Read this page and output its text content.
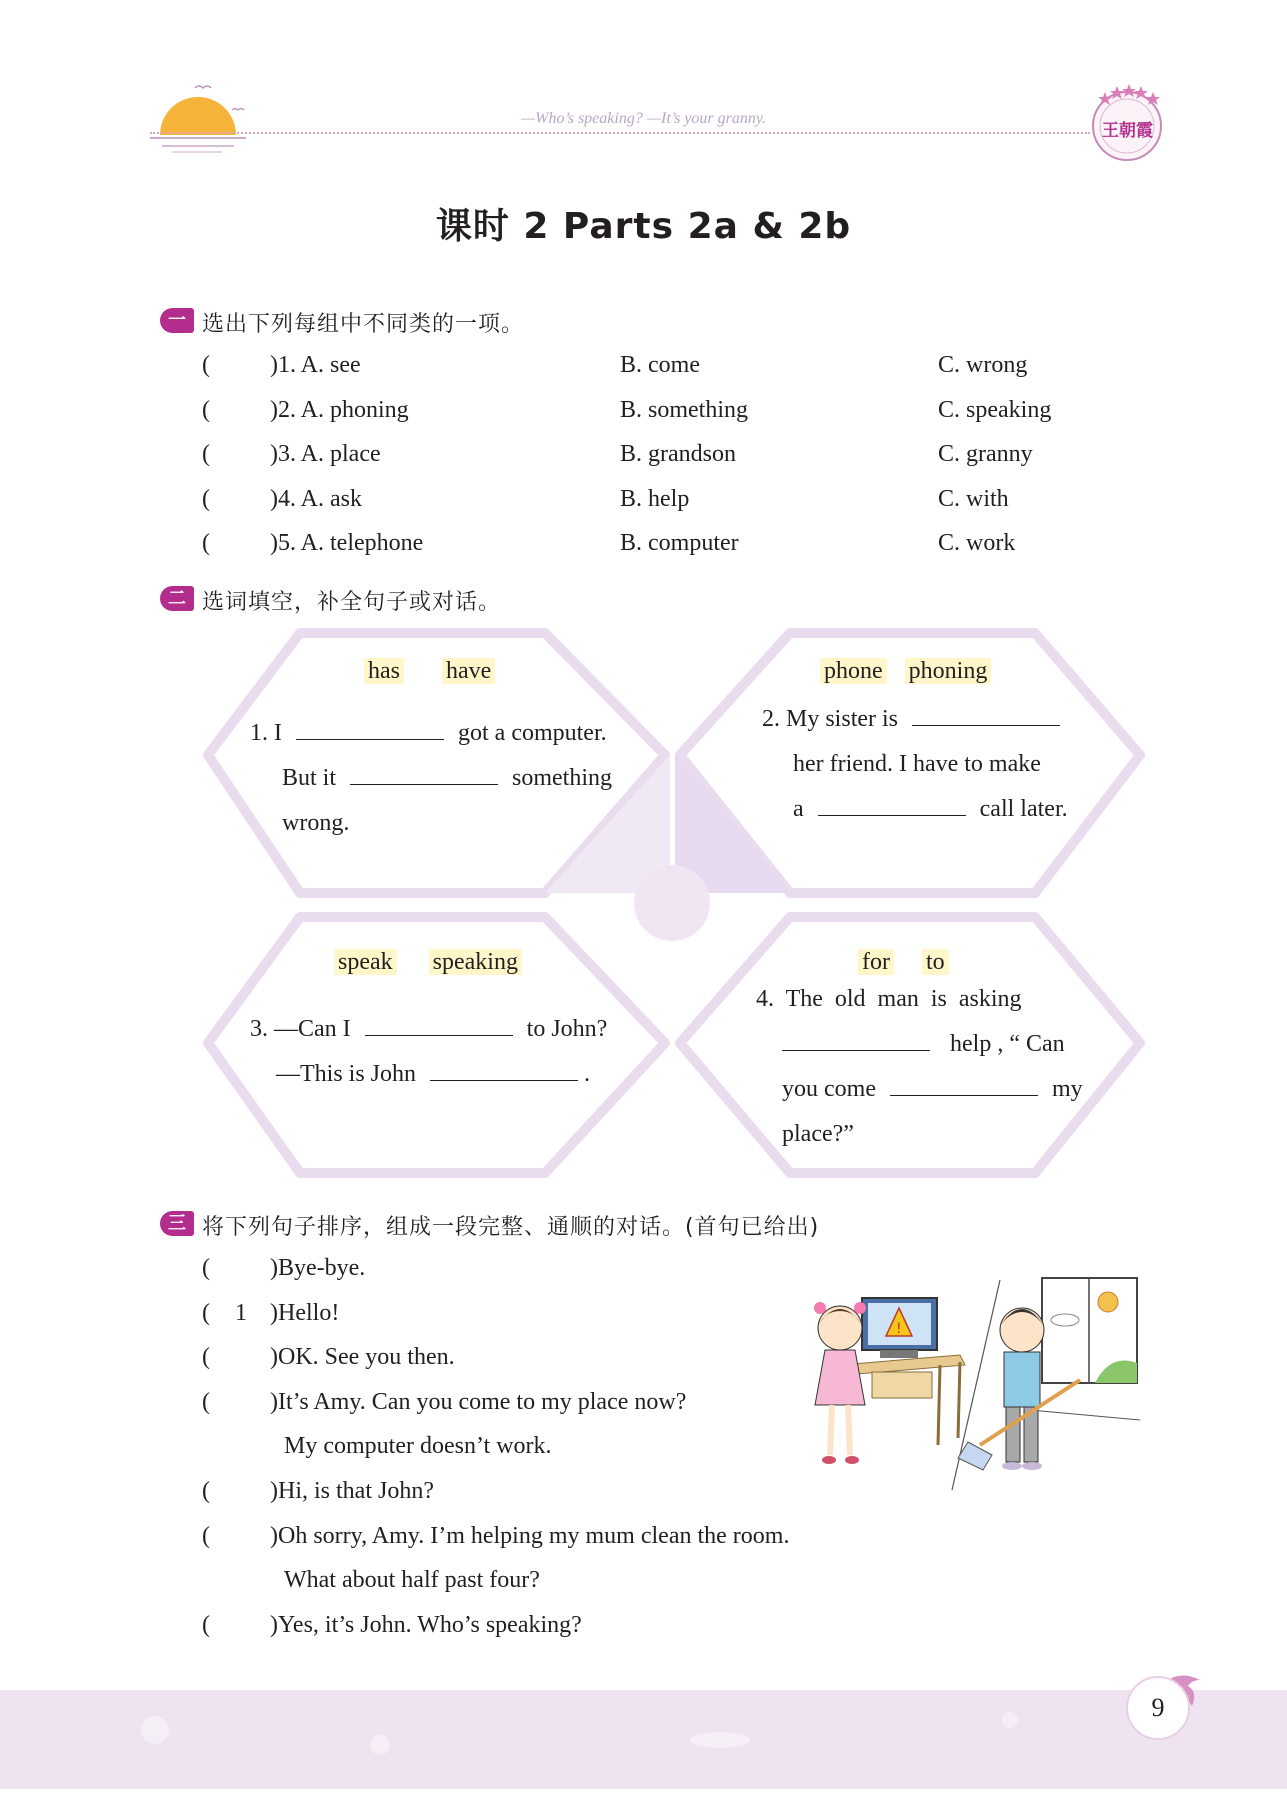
—Who’s speaking? —It’s your granny.
王朝霞
课时 2 Parts 2a & 2b
一 选出下列每组中不同类的一项。
(	)1. A. see	B. come	C. wrong
(	)2. A. phoning	B. something	C. speaking
(	)3. A. place	B. grandson	C. granny
(	)4. A. ask	B. help	C. with
(	)5. A. telephone	B. computer	C. work
二 选词填空，补全句子或对话。
has have
1. I	got a computer.
But it	something
wrong.
phone phoning
2. My sister is
her friend. I have to make
a	call later.
speak speaking
3. —Can I	to John?
—This is John	.
for to
4. The old man is asking
help , “ Can
you come	my
place?”
三 将下列句子排序，组成一段完整、通顺的对话。(首句已给出)
(	)Bye-bye.
( 1 )Hello!
(	)OK. See you then.
(	)It’s Amy. Can you come to my place now?
My computer doesn’t work.
(	)Hi, is that John?
(	)Oh sorry, Amy. I’m helping my mum clean the room.
What about half past four?
(	)Yes, it’s John. Who’s speaking?
!
9
